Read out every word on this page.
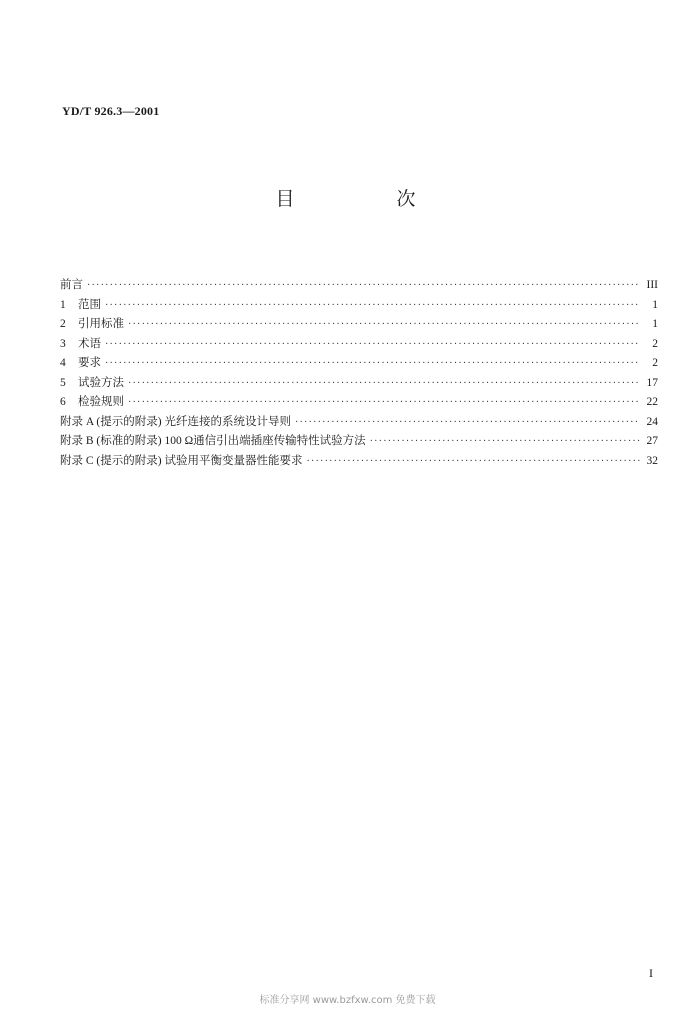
YD/T 926.3—2001
目 次
前言 ·····	III
1 范围 ·····	1
2 引用标准 ·····	1
3 术语 ·····	2
4 要求 ·····	2
5 试验方法 ·····	17
6 检验规则 ·····	22
附录 A (提示的附录) 光纤连接的系统设计导则 ·····	24
附录 B (标准的附录) 100 Ω通信引出端插座传输特性试验方法 ·····	27
附录 C (提示的附录) 试验用平衡变量器性能要求 ·····	32
I
标准分享网 www.bzfxw.com 免费下载
